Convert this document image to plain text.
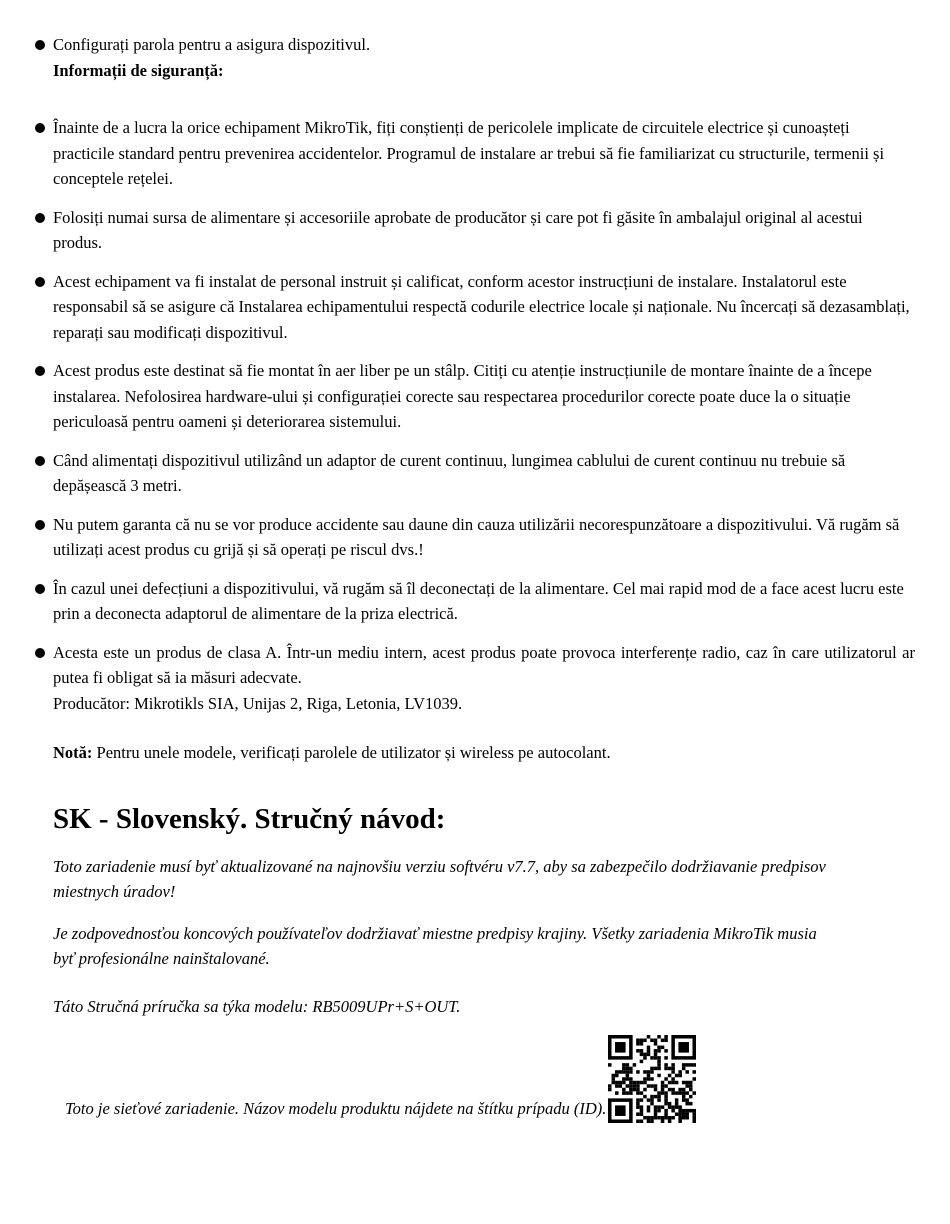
Configurați parola pentru a asigura dispozitivul.
Informații de siguranță:
Înainte de a lucra la orice echipament MikroTik, fiți conștienți de pericolele implicate de circuitele electrice și cunoașteți practicile standard pentru prevenirea accidentelor. Programul de instalare ar trebui să fie familiarizat cu structurile, termenii și conceptele rețelei.
Folosiți numai sursa de alimentare și accesoriile aprobate de producător și care pot fi găsite în ambalajul original al acestui produs.
Acest echipament va fi instalat de personal instruit și calificat, conform acestor instrucțiuni de instalare. Instalatorul este responsabil să se asigure că Instalarea echipamentului respectă codurile electrice locale și naționale. Nu încercați să dezasamblați, reparați sau modificați dispozitivul.
Acest produs este destinat să fie montat în aer liber pe un stâlp. Citiți cu atenție instrucțiunile de montare înainte de a începe instalarea. Nefolosirea hardware-ului și configurației corecte sau respectarea procedurilor corecte poate duce la o situație periculoasă pentru oameni și deteriorarea sistemului.
Când alimentați dispozitivul utilizând un adaptor de curent continuu, lungimea cablului de curent continuu nu trebuie să depășească 3 metri.
Nu putem garanta că nu se vor produce accidente sau daune din cauza utilizării necorespunzătoare a dispozitivului. Vă rugăm să utilizați acest produs cu grijă și să operați pe riscul dvs.!
În cazul unei defecțiuni a dispozitivului, vă rugăm să îl deconectați de la alimentare. Cel mai rapid mod de a face acest lucru este prin a deconecta adaptorul de alimentare de la priza electrică.
Acesta este un produs de clasa A. Într-un mediu intern, acest produs poate provoca interferențe radio, caz în care utilizatorul ar putea fi obligat să ia măsuri adecvate.
Producător: Mikrotikls SIA, Unijas 2, Riga, Letonia, LV1039.

Notă: Pentru unele modele, verificați parolele de utilizator și wireless pe autocolant.

SK - Slovenský. Stručný návod:

Toto zariadenie musí byť aktualizované na najnovšiu verziu softvéru v7.7, aby sa zabezpečilo dodržiavanie predpisov miestnych úradov!

Je zodpovednosťou koncových používateľov dodržiavať miestne predpisy krajiny. Všetky zariadenia MikroTik musia byť profesionálne nainštalované.

Táto Stručná príručka sa týka modelu: RB5009UPr+S+OUT.

Toto je sieťové zariadenie. Názov modelu produktu nájdete na štítku prípadu (ID).
